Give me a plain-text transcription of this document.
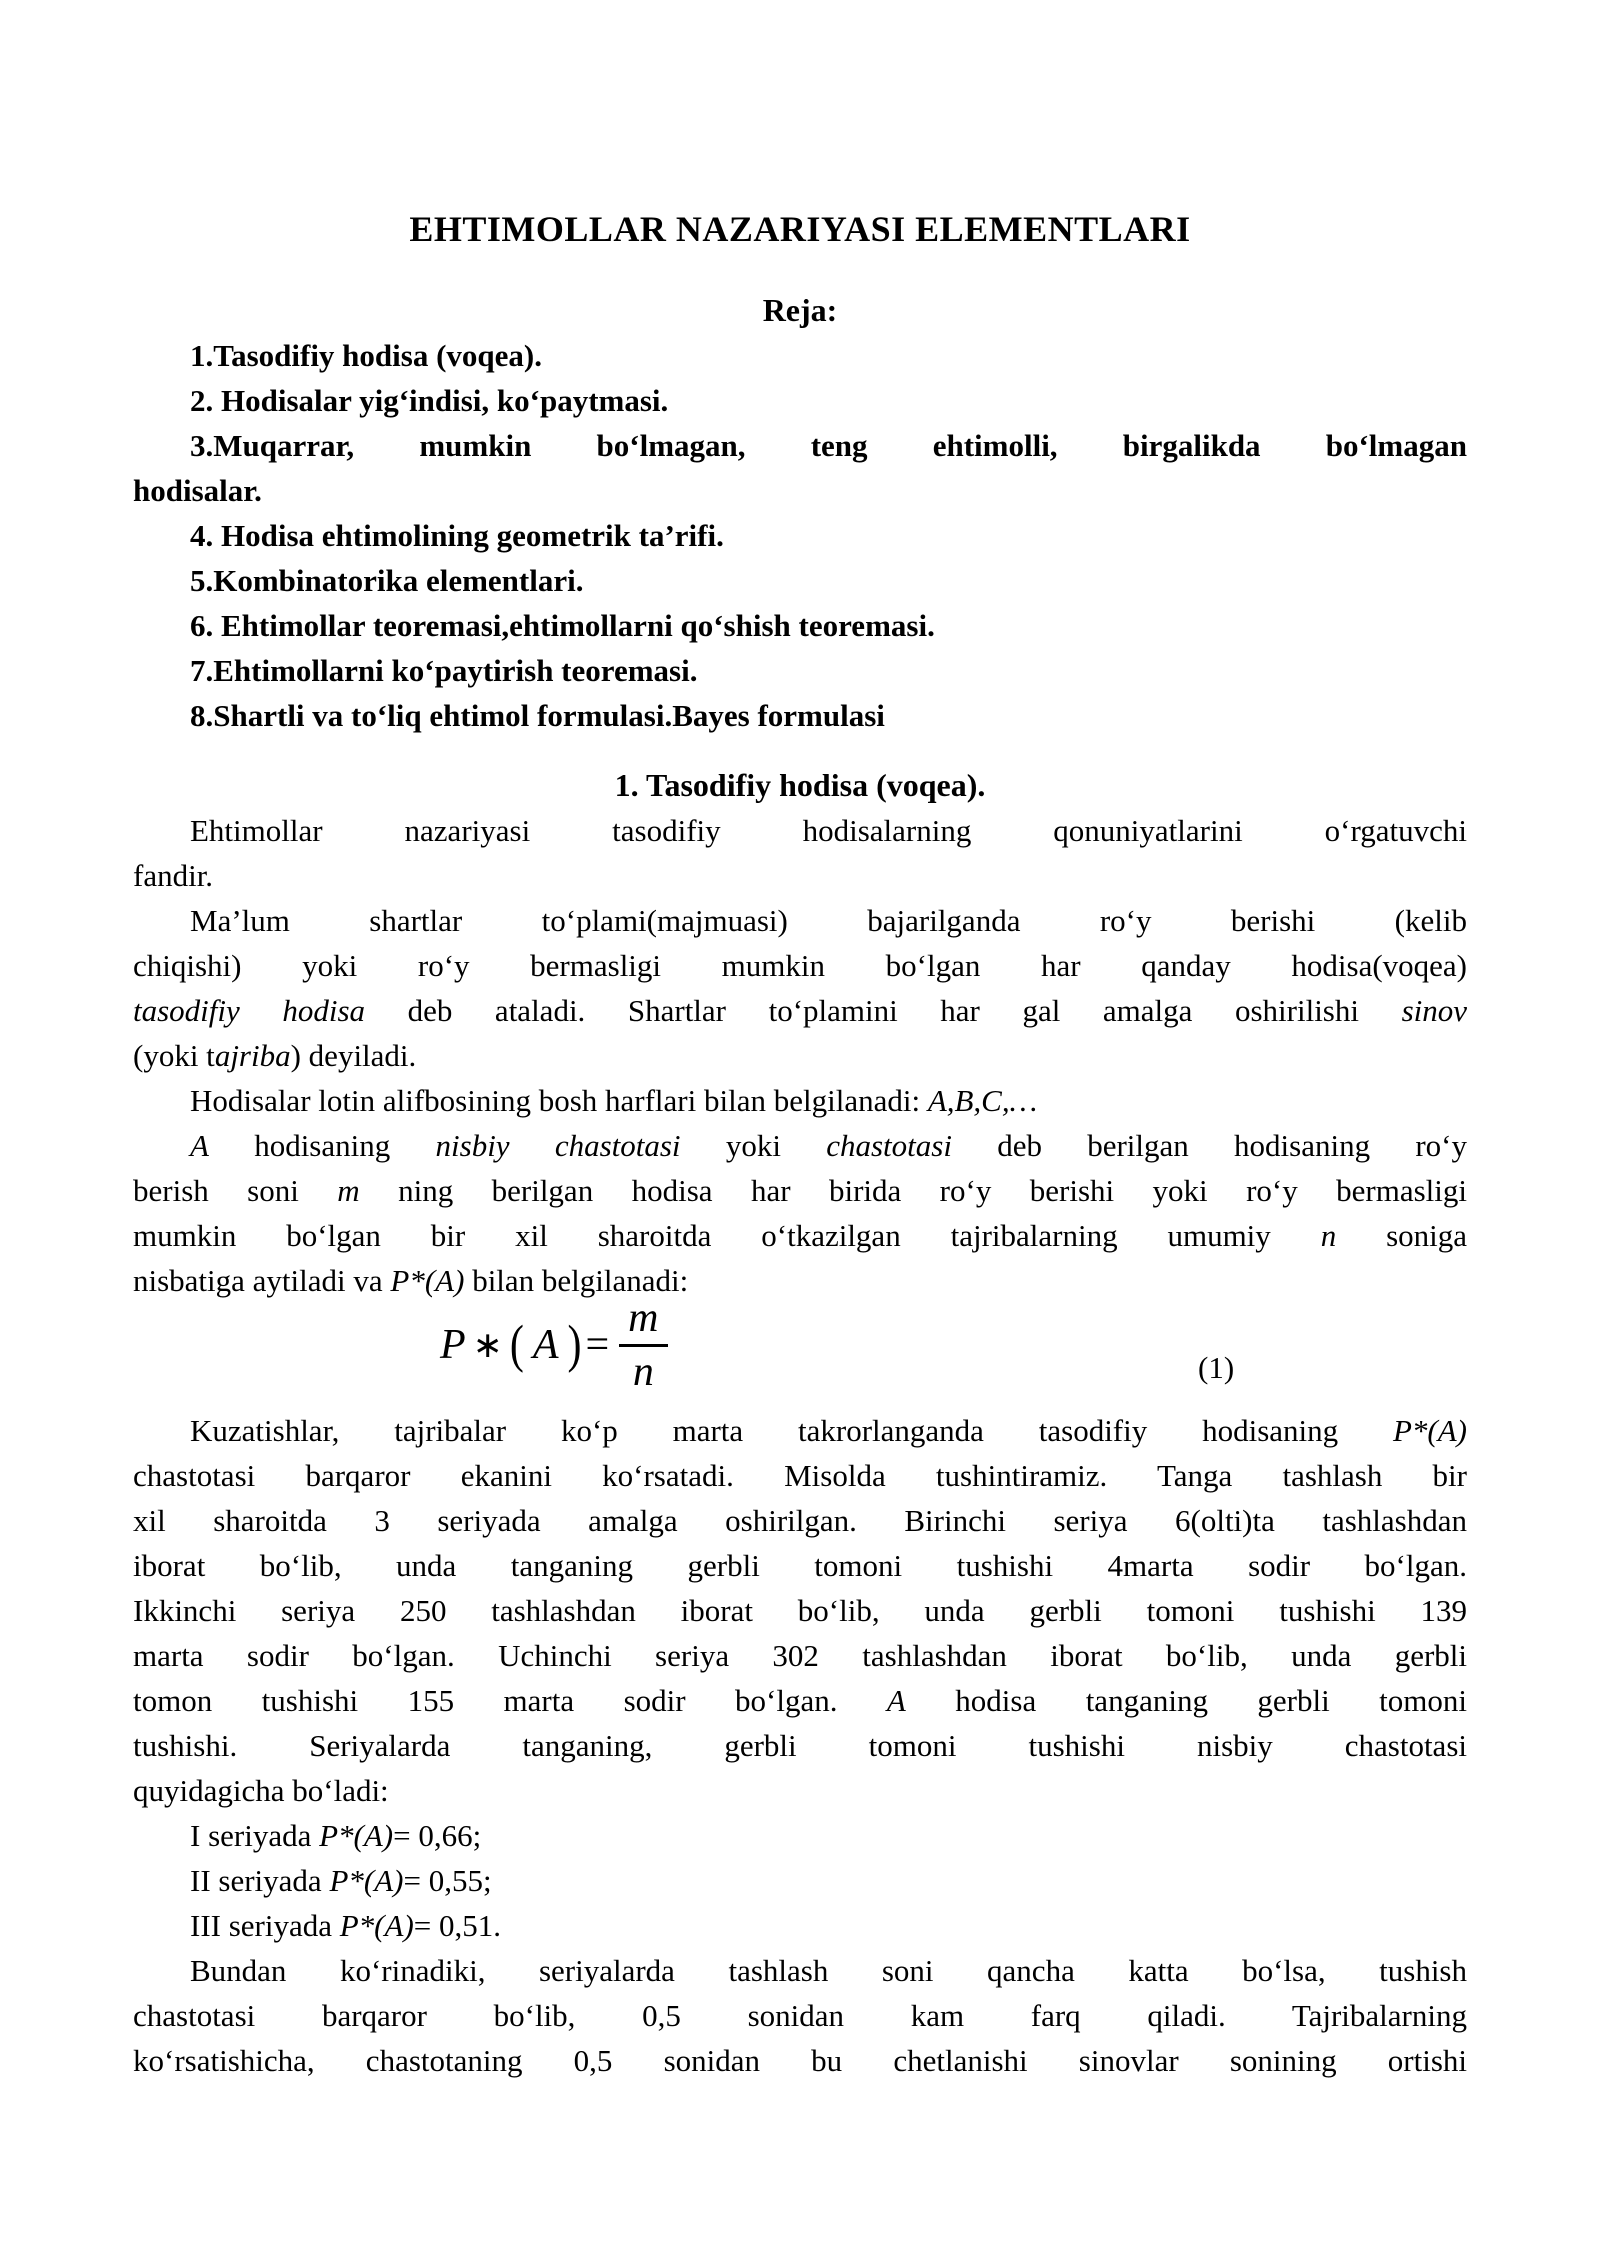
EHTIMOLLAR NAZARIYASI ELEMENTLARI
Reja:
1.Tasodifiy hodisa (voqea).
2. Hodisalar yig‘indisi, ko‘paytmasi.
3.Muqarrar, mumkin bo‘lmagan, teng ehtimolli, birgalikda bo‘lmagan
hodisalar.
4. Hodisa ehtimolining geometrik ta’rifi.
5.Kombinatorika elementlari.
6. Ehtimollar teoremasi,ehtimollarni qo‘shish teoremasi.
7.Ehtimollarni ko‘paytirish teoremasi.
8.Shartli va to‘liq ehtimol formulasi.Bayes formulasi
1. Tasodifiy hodisa (voqea).
Ehtimollar nazariyasi tasodifiy hodisalarning qonuniyatlarini o‘rgatuvchi
fandir.
Ma’lum shartlar to‘plami(majmuasi) bajarilganda ro‘y berishi (kelib
chiqishi) yoki ro‘y bermasligi mumkin bo‘lgan har qanday hodisa(voqea)
tasodifiy hodisa deb ataladi. Shartlar to‘plamini har gal amalga oshirilishi sinov
(yoki tajriba) deyiladi.
Hodisalar lotin alifbosining bosh harflari bilan belgilanadi: A,B,C,…
A hodisaning nisbiy chastotasi yoki chastotasi deb berilgan hodisaning ro‘y
berish soni m ning berilgan hodisa har birida ro‘y berishi yoki ro‘y bermasligi
mumkin bo‘lgan bir xil sharoitda o‘tkazilgan tajribalarning umumiy n soniga
nisbatiga aytiladi va P*(A) bilan belgilanadi:
P ∗ ( A ) = $\frac{m}{n}$	(1)
Kuzatishlar, tajribalar ko‘p marta takrorlanganda tasodifiy hodisaning P*(A)
chastotasi barqaror ekanini ko‘rsatadi. Misolda tushintiramiz. Tanga tashlash bir
xil sharoitda 3 seriyada amalga oshirilgan. Birinchi seriya 6(olti)ta tashlashdan
iborat bo‘lib, unda tanganing gerbli tomoni tushishi 4marta sodir bo‘lgan.
Ikkinchi seriya 250 tashlashdan iborat bo‘lib, unda gerbli tomoni tushishi 139
marta sodir bo‘lgan. Uchinchi seriya 302 tashlashdan iborat bo‘lib, unda gerbli
tomon tushishi 155 marta sodir bo‘lgan. A hodisa tanganing gerbli tomoni
tushishi. Seriyalarda tanganing, gerbli tomoni tushishi nisbiy chastotasi
quyidagicha bo‘ladi:
I seriyada P*(A)= 0,66;
II seriyada P*(A)= 0,55;
III seriyada P*(A)= 0,51.
Bundan ko‘rinadiki, seriyalarda tashlash soni qancha katta bo‘lsa, tushish
chastotasi barqaror bo‘lib, 0,5 sonidan kam farq qiladi. Tajribalarning
ko‘rsatishicha, chastotaning 0,5 sonidan bu chetlanishi sinovlar sonining ortishi
